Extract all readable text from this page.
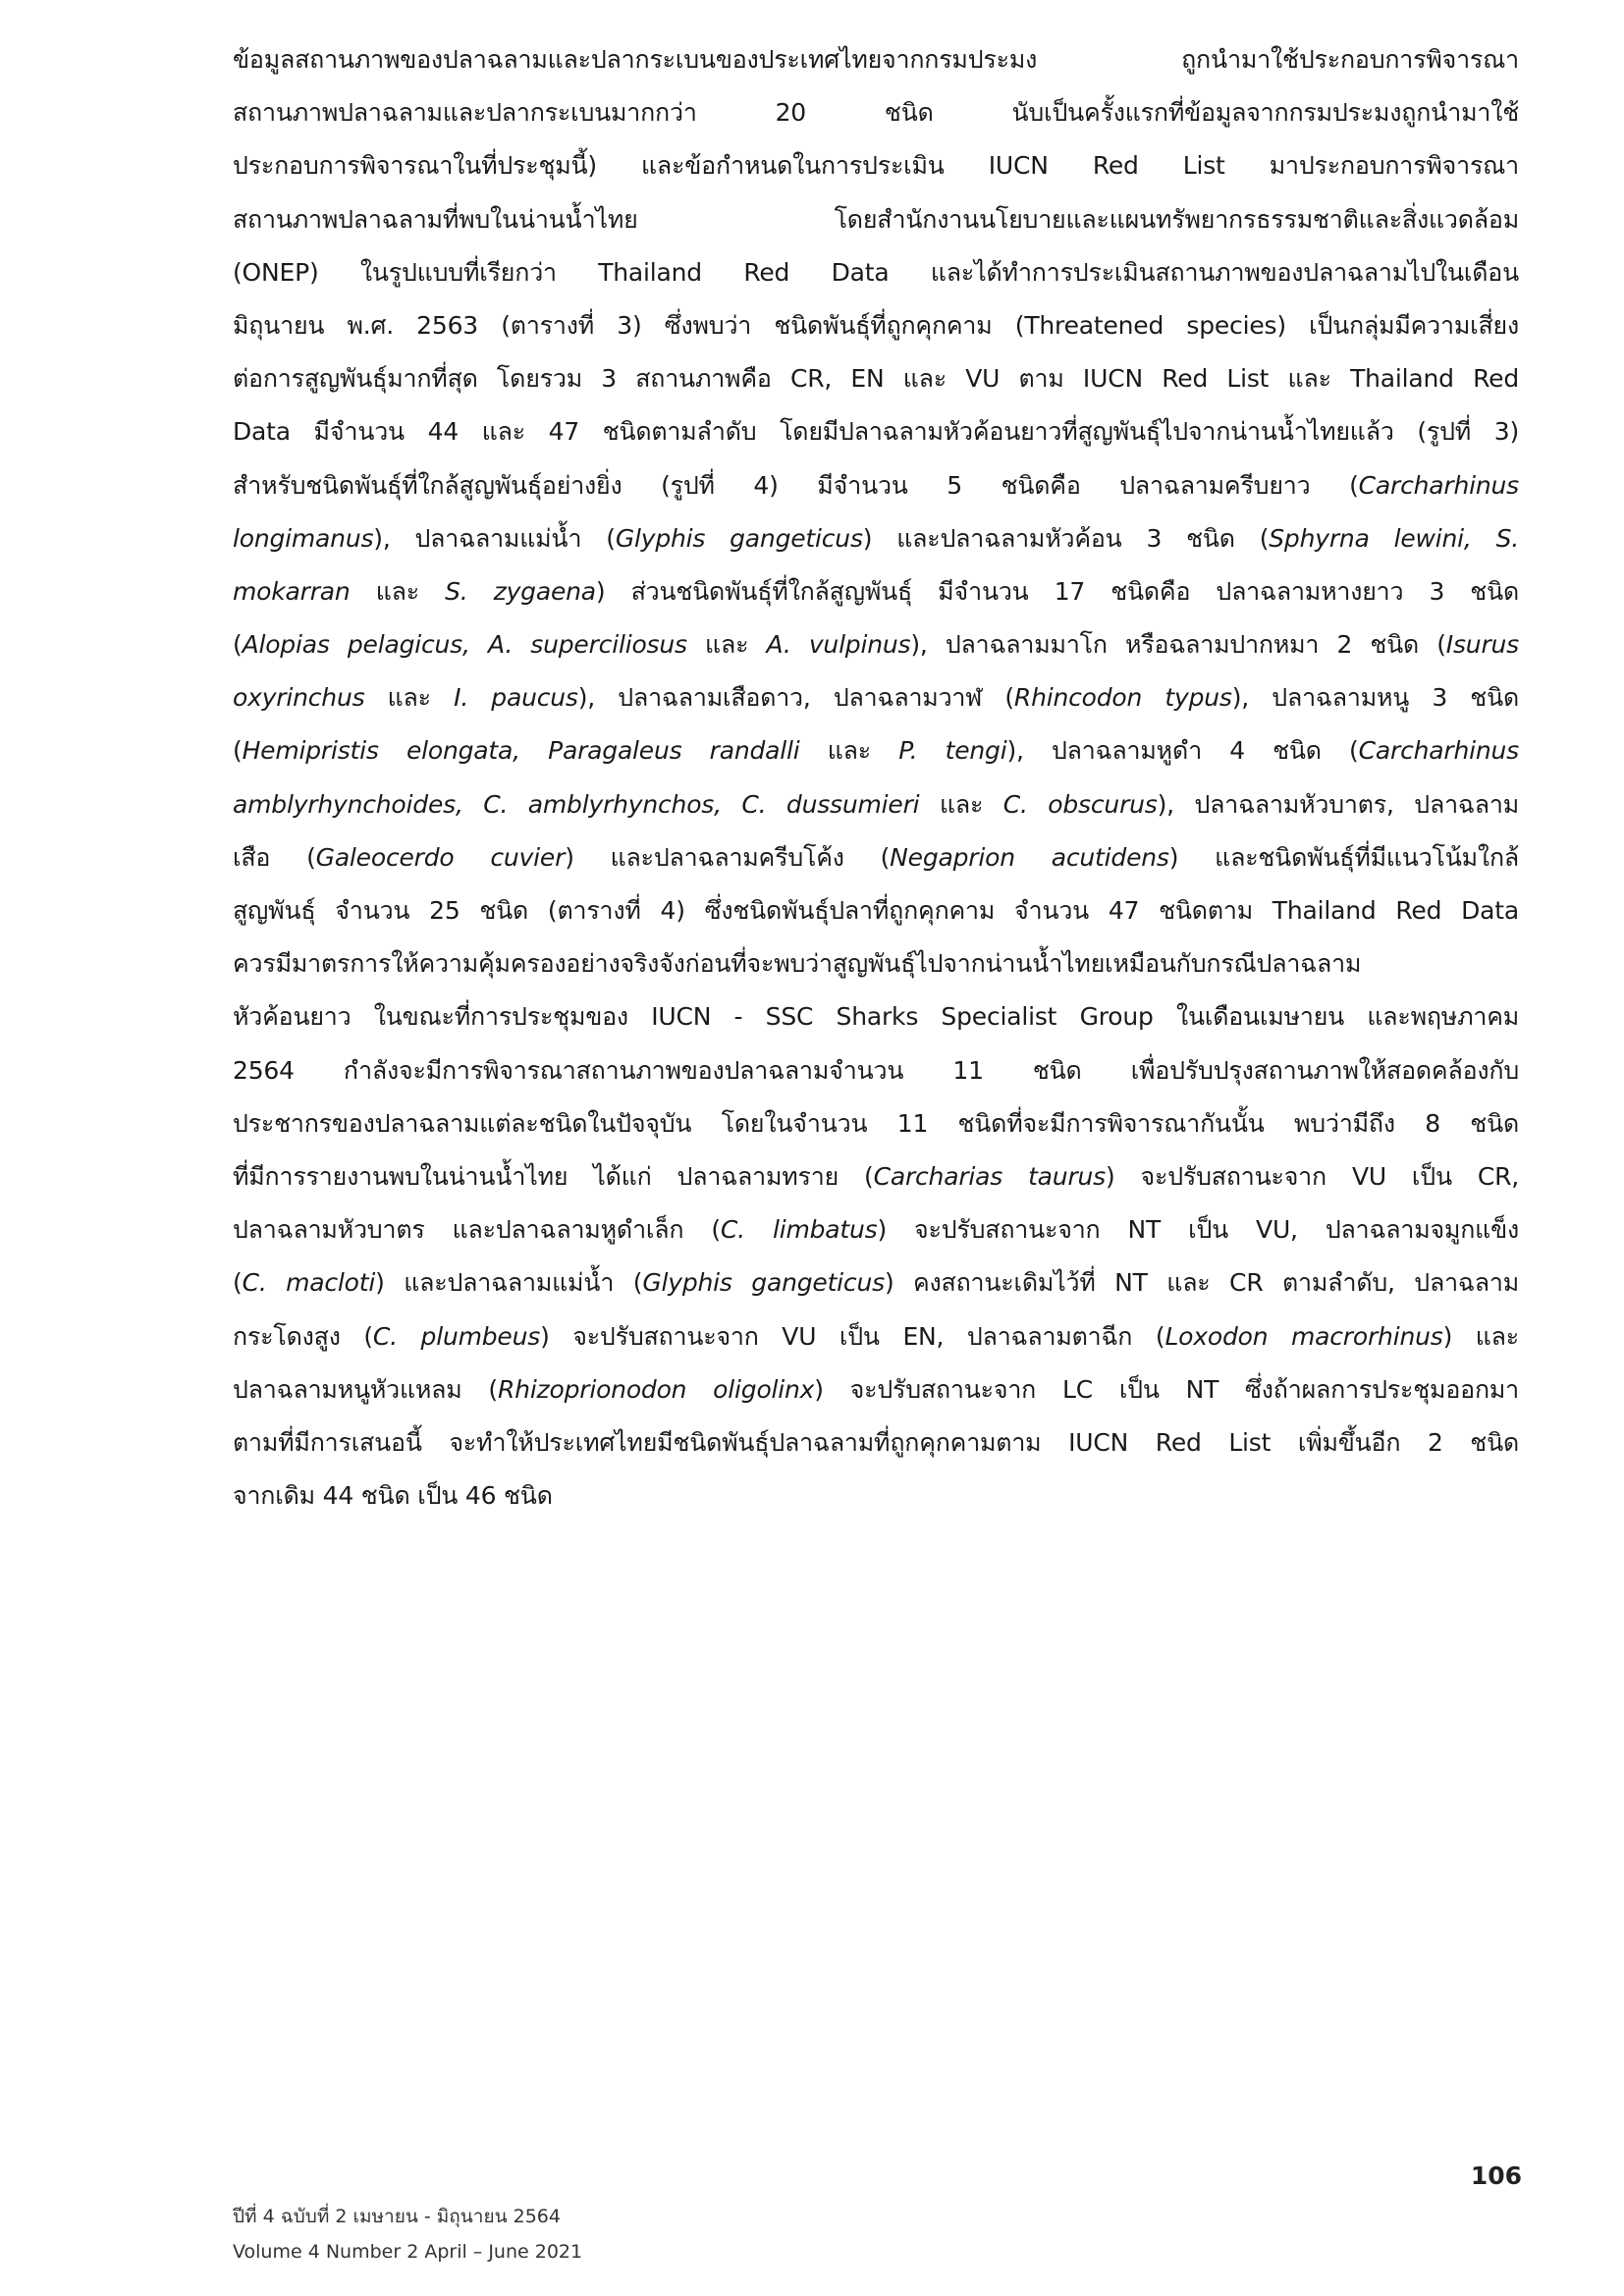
ข้อมูลสถานภาพของปลาฉลามและปลากระเบนของประเทศไทยจากกรมประมง ถูกนำมาใช้ประกอบการพิจารณา
สถานภาพปลาฉลามและปลากระเบนมากกว่า 20 ชนิด นับเป็นครั้งแรกที่ข้อมูลจากกรมประมงถูกนำมาใช้
ประกอบการพิจารณาในที่ประชุมนี้) และข้อกำหนดในการประเมิน IUCN Red List มาประกอบการพิจารณา
สถานภาพปลาฉลามที่พบในน่านน้ำไทย โดยสำนักงานนโยบายและแผนทรัพยากรธรรมชาติและสิ่งแวดล้อม
(ONEP) ในรูปแบบที่เรียกว่า Thailand Red Data และได้ทำการประเมินสถานภาพของปลาฉลามไปในเดือน
มิถุนายน พ.ศ. 2563 (ตารางที่ 3) ซึ่งพบว่า ชนิดพันธุ์ที่ถูกคุกคาม (Threatened species) เป็นกลุ่มมีความเสี่ยง
ต่อการสูญพันธุ์มากที่สุด โดยรวม 3 สถานภาพคือ CR, EN และ VU ตาม IUCN Red List และ Thailand Red
Data มีจำนวน 44 และ 47 ชนิดตามลำดับ โดยมีปลาฉลามหัวค้อนยาวที่สูญพันธุ์ไปจากน่านน้ำไทยแล้ว (รูปที่ 3)
สำหรับชนิดพันธุ์ที่ใกล้สูญพันธุ์อย่างยิ่ง (รูปที่ 4) มีจำนวน 5 ชนิดคือ ปลาฉลามครีบยาว (Carcharhinus
longimanus), ปลาฉลามแม่น้ำ (Glyphis gangeticus) และปลาฉลามหัวค้อน 3 ชนิด (Sphyrna lewini, S.
mokarran และ S. zygaena) ส่วนชนิดพันธุ์ที่ใกล้สูญพันธุ์ มีจำนวน 17 ชนิดคือ ปลาฉลามหางยาว 3 ชนิด
(Alopias pelagicus, A. superciliosus และ A. vulpinus), ปลาฉลามมาโก หรือฉลามปากหมา 2 ชนิด (Isurus
oxyrinchus และ I. paucus), ปลาฉลามเสือดาว, ปลาฉลามวาฬ (Rhincodon typus), ปลาฉลามหนู 3 ชนิด
(Hemipristis elongata, Paragaleus randalli และ P. tengi), ปลาฉลามหูดำ 4 ชนิด (Carcharhinus
amblyrhynchoides, C. amblyrhynchos, C. dussumieri และ C. obscurus), ปลาฉลามหัวบาตร, ปลาฉลาม
เสือ (Galeocerdo cuvier) และปลาฉลามครีบโค้ง (Negaprion acutidens) และชนิดพันธุ์ที่มีแนวโน้มใกล้
สูญพันธุ์ จำนวน 25 ชนิด (ตารางที่ 4) ซึ่งชนิดพันธุ์ปลาที่ถูกคุกคาม จำนวน 47 ชนิดตาม Thailand Red Data
ควรมีมาตรการให้ความคุ้มครองอย่างจริงจังก่อนที่จะพบว่าสูญพันธุ์ไปจากน่านน้ำไทยเหมือนกับกรณีปลาฉลาม
หัวค้อนยาว ในขณะที่การประชุมของ IUCN - SSC Sharks Specialist Group ในเดือนเมษายน และพฤษภาคม
2564 กำลังจะมีการพิจารณาสถานภาพของปลาฉลามจำนวน 11 ชนิด เพื่อปรับปรุงสถานภาพให้สอดคล้องกับ
ประชากรของปลาฉลามแต่ละชนิดในปัจจุบัน โดยในจำนวน 11 ชนิดที่จะมีการพิจารณากันนั้น พบว่ามีถึง 8 ชนิด
ที่มีการรายงานพบในน่านน้ำไทย ได้แก่ ปลาฉลามทราย (Carcharias taurus) จะปรับสถานะจาก VU เป็น CR,
ปลาฉลามหัวบาตร และปลาฉลามหูดำเล็ก (C. limbatus) จะปรับสถานะจาก NT เป็น VU, ปลาฉลามจมูกแข็ง
(C. macloti) และปลาฉลามแม่น้ำ (Glyphis gangeticus) คงสถานะเดิมไว้ที่ NT และ CR ตามลำดับ, ปลาฉลาม
กระโดงสูง (C. plumbeus) จะปรับสถานะจาก VU เป็น EN, ปลาฉลามตาฉีก (Loxodon macrorhinus) และ
ปลาฉลามหนูหัวแหลม (Rhizoprionodon oligolinx) จะปรับสถานะจาก LC เป็น NT ซึ่งถ้าผลการประชุมออกมา
ตามที่มีการเสนอนี้ จะทำให้ประเทศไทยมีชนิดพันธุ์ปลาฉลามที่ถูกคุกคามตาม IUCN Red List เพิ่มขึ้นอีก 2 ชนิด
จากเดิม 44 ชนิด เป็น 46 ชนิด
106
ปีที่ 4 ฉบับที่ 2 เมษายน - มิถุนายน 2564
Volume 4 Number 2 April – June 2021
